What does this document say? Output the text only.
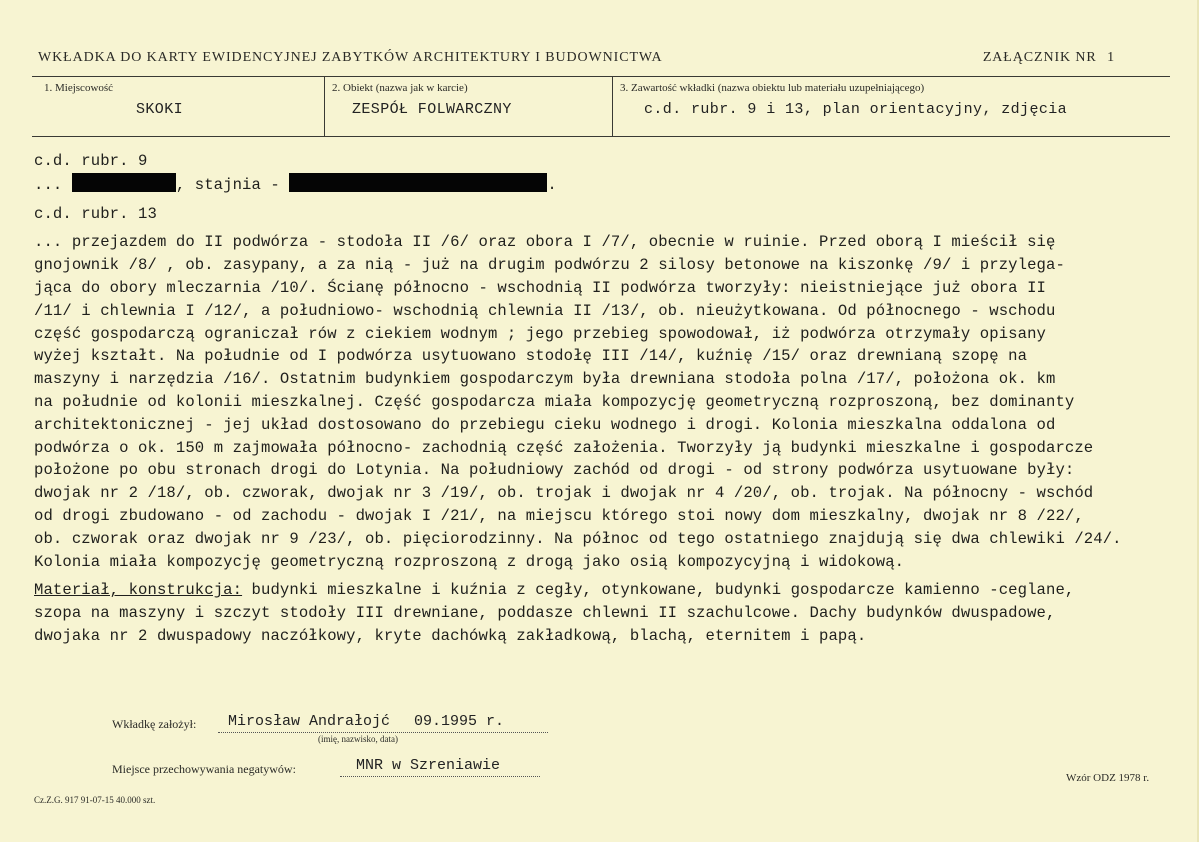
WKŁADKA DO KARTY EWIDENCYJNEJ ZABYTKÓW ARCHITEKTURY I BUDOWNICTWA	ZAŁĄCZNIK NR 1
1. Miejscowość
SKOKI
2. Obiekt (nazwa jak w karcie)
ZESPÓŁ FOLWARCZNY
3. Zawartość wkładki (nazwa obiektu lub materiału uzupełniającego)
c.d. rubr. 9 i 13, plan orientacyjny, zdjęcia

c.d. rubr. 9

...	, stajnia -	.

c.d. rubr. 13

... przejazdem do II podwórza - stodoła II /6/ oraz obora I /7/, obecnie w ruinie. Przed oborą I mieścił się

gnojownik /8/ , ob. zasypany, a za nią - już na drugim podwórzu 2 silosy betonowe na kiszonkę /9/ i przylega-

jąca do obory mleczarnia /10/. Ścianę północno - wschodnią II podwórza tworzyły: nieistniejące już obora II

/11/ i chlewnia I /12/, a południowo- wschodnią chlewnia II /13/, ob. nieużytkowana. Od północnego - wschodu

część gospodarczą ograniczał rów z ciekiem wodnym ; jego przebieg spowodował, iż podwórza otrzymały opisany

wyżej kształt. Na południe od I podwórza usytuowano stodołę III /14/, kuźnię /15/ oraz drewnianą szopę na

maszyny i narzędzia /16/. Ostatnim budynkiem gospodarczym była drewniana stodoła polna /17/, położona ok. km

na południe od kolonii mieszkalnej. Część gospodarcza miała kompozycję geometryczną rozproszoną, bez dominanty

architektonicznej - jej układ dostosowano do przebiegu cieku wodnego i drogi. Kolonia mieszkalna oddalona od

podwórza o ok. 150 m zajmowała północno- zachodnią część założenia. Tworzyły ją budynki mieszkalne i gospodarcze

położone po obu stronach drogi do Lotynia. Na południowy zachód od drogi - od strony podwórza usytuowane były:

dwojak nr 2 /18/, ob. czworak, dwojak nr 3 /19/, ob. trojak i dwojak nr 4 /20/, ob. trojak. Na północny - wschód

od drogi zbudowano - od zachodu - dwojak I /21/, na miejscu którego stoi nowy dom mieszkalny, dwojak nr 8 /22/,

ob. czworak oraz dwojak nr 9 /23/, ob. pięciorodzinny. Na północ od tego ostatniego znajdują się dwa chlewiki /24/.

Kolonia miała kompozycję geometryczną rozproszoną z drogą jako osią kompozycyjną i widokową.

Materiał, konstrukcja: budynki mieszkalne i kuźnia z cegły, otynkowane, budynki gospodarcze kamienno -ceglane,

szopa na maszyny i szczyt stodoły III drewniane, poddasze chlewni II szachulcowe. Dachy budynków dwuspadowe,

dwojaka nr 2 dwuspadowy naczółkowy, kryte dachówką zakładkową, blachą, eternitem i papą.

Wkładkę założył: Mirosław Andrałojć 09.1995 r.
(imię, nazwisko, data)
Miejsce przechowywania negatywów:	MNR w Szreniawie
Wzór ODZ 1978 r.
Cz.Z.G. 917 91-07-15 40.000 szt.
